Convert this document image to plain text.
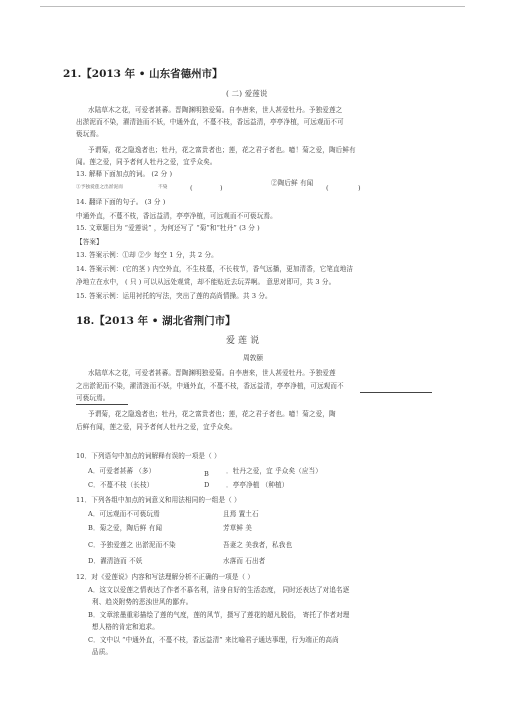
21.【2013 年 • 山东省德州市】
( 二) 爱莲说
水陆草木之花，可爱者甚蕃。晋陶渊明独爱菊。自李唐来，世人甚爱牡丹。予独爱莲之
出淤泥而不染，濯清涟而不妖，中通外直，不蔓不枝，香远益清，亭亭净植，可远观而不可
亵玩焉。
予谓菊，花之隐逸者也；牡丹，花之富贵者也；莲，花之君子者也。噫！菊之爱，陶后鲜有
闻。莲之爱，同予者何人牡丹之爱，宜乎众矣。
13. 解释下面加点的词。 (2 分 )
①予独爱莲之出淤泥而	不染	(	)
②陶后鲜 有闻
(	)
14. 翻译下面的句子。 (3 分 )
中通外直，不蔓不枝，香远益清，亭亭净植，可远观而不可亵玩焉。
15. 文章题目为 “爱莲说” ，为何还写了 “菊”和“牡丹” (3 分 )
【答案】
13. 答案示例：①却 ②少 每空 1 分，共 2 分。
14. 答案示例：(它的茎 ) 内空外直，不生枝蔓，不长枝节，香气远播，更加清香，它笔直地洁
净地立在水中， ( 只 ) 可以从远处观赏，却不能贴近去玩弄啊。 意思对即可，共 3 分。
15. 答案示例：运用衬托的写法，突出了莲的高尚情操。共 3 分。
18.【2013 年 • 湖北省荆门市】
爱 莲 说
周敦颐
水陆草木之花，可爱者甚蕃。晋陶渊明独爱菊。自李唐来，世人甚爱牡丹。予独爱莲
之出淤泥而不染，濯清涟而不妖，中通外直，不蔓不枝，香远益清，亭亭净植，可远观而不
可亵玩焉。
予谓菊，花之隐逸者也；牡丹，花之富贵者也；莲，花之君子者也。噫！菊之爱，陶
后鲜有闻，莲之爱，同予者何人牡丹之爱，宜乎众矣。
10．下列语句中加点的词解释有误的一项是（ ）
A．可爱者甚蕃 （多）	B	．牡丹之爱，宜 乎众矣（应当）
C．不蔓不枝（长枝）	D	．亭亭净植 （种植）
11．下列各组中加点的词意义和用法相同的一组是（ ）
A．可远观而不可亵玩焉	且焉 置土石
B．菊之爱，陶后鲜 有闻	芳草鲜 美
C．予独爱莲之 出淤泥而不染	吾妻之 美我者，私我也
D．濯清涟而 不妖	水落而 石出者
12．对《爱莲说》内容和写法理解分析不正确的一项是（ ）
A．这文以爱莲之情表达了作者不慕名利，洁身自好的生活态度， 同时还表达了对追名逐
利、趋炎附势的恶浊世风的鄙弃。
B．文章浓墨重彩描绘了莲的气度，莲的风节，摄写了莲花的超凡脱俗， 寄托了作者对理
想人格的肯定和追求。
C．文中以 “中通外直，不蔓不枝，香远益清” 来比喻君子通达事理，行为端正的高尚
品质。
